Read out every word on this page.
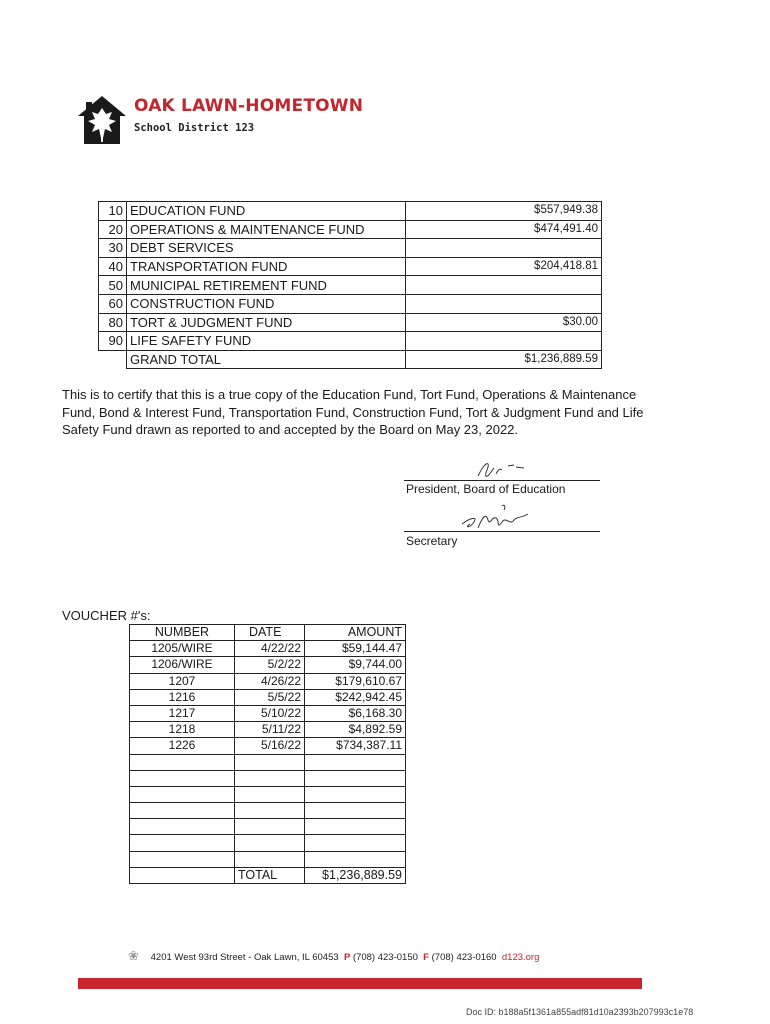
OAK LAWN-HOMETOWN
School District 123
10	EDUCATION FUND		$557,949.38
20	OPERATIONS & MAINTENANCE FUND		$474,491.40
30	DEBT SERVICES		
40	TRANSPORTATION FUND		$204,418.81
50	MUNICIPAL RETIREMENT FUND		
60	CONSTRUCTION FUND		
80	TORT & JUDGMENT FUND		$30.00
90	LIFE SAFETY FUND		
	GRAND TOTAL		$1,236,889.59
This is to certify that this is a true copy of the Education Fund, Tort Fund, Operations & Maintenance Fund, Bond & Interest Fund, Transportation Fund, Construction Fund, Tort & Judgment Fund and Life Safety Fund drawn as reported to and accepted by the Board on May 23, 2022.
President, Board of Education
Secretary
VOUCHER #'s:
NUMBER	DATE	AMOUNT
1205/WIRE	4/22/22	$59,144.47
1206/WIRE	5/2/22	$9,744.00
1207	4/26/22	$179,610.67
1216	5/5/22	$242,942.45
1217	5/10/22	$6,168.30
1218	5/11/22	$4,892.59
1226	5/16/22	$734,387.11

	TOTAL	$1,236,889.59
❀ 4201 West 93rd Street - Oak Lawn, IL 60453 P (708) 423-0150 F (708) 423-0160 d123.org
Doc ID: b188a5f1361a855adf81d10a2393b207993c1e78
